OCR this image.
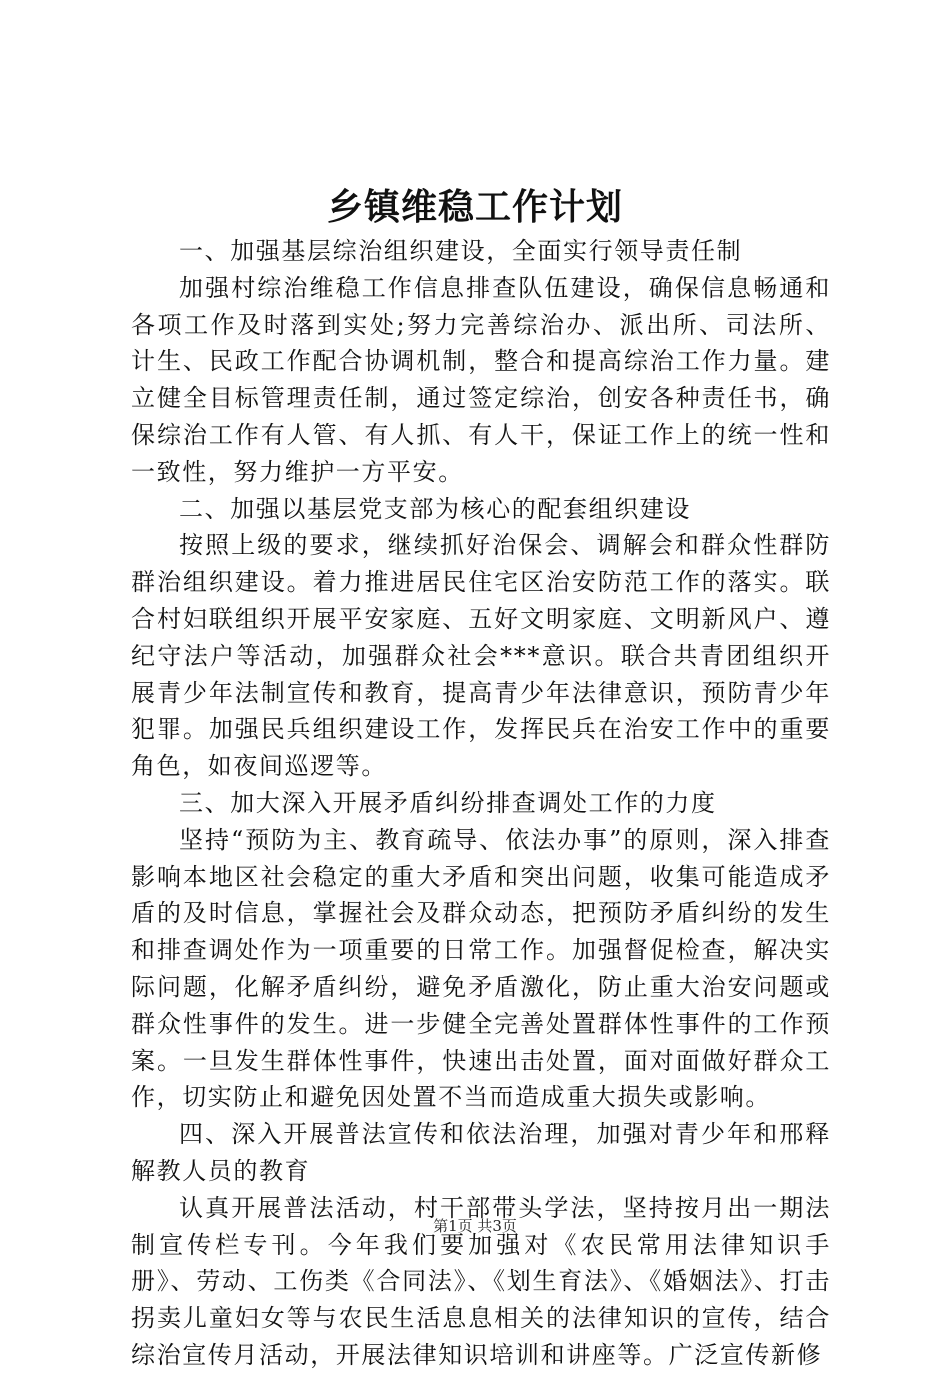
乡镇维稳工作计划

一、加强基层综治组织建设，全面实行领导责任制

加强村综治维稳工作信息排查队伍建设，确保信息畅通和各项工作及时落到实处;努力完善综治办、派出所、司法所、计生、民政工作配合协调机制，整合和提高综治工作力量。建立健全目标管理责任制，通过签定综治，创安各种责任书，确保综治工作有人管、有人抓、有人干，保证工作上的统一性和一致性，努力维护一方平安。

二、加强以基层党支部为核心的配套组织建设

按照上级的要求，继续抓好治保会、调解会和群众性群防群治组织建设。着力推进居民住宅区治安防范工作的落实。联合村妇联组织开展平安家庭、五好文明家庭、文明新风户、遵纪守法户等活动，加强群众社会***意识。联合共青团组织开展青少年法制宣传和教育，提高青少年法律意识，预防青少年犯罪。加强民兵组织建设工作，发挥民兵在治安工作中的重要角色，如夜间巡逻等。

三、加大深入开展矛盾纠纷排查调处工作的力度

坚持“预防为主、教育疏导、依法办事”的原则，深入排查影响本地区社会稳定的重大矛盾和突出问题，收集可能造成矛盾的及时信息，掌握社会及群众动态，把预防矛盾纠纷的发生和排查调处作为一项重要的日常工作。加强督促检查，解决实际问题，化解矛盾纠纷，避免矛盾激化，防止重大治安问题或群众性事件的发生。进一步健全完善处置群体性事件的工作预案。一旦发生群体性事件，快速出击处置，面对面做好群众工作，切实防止和避免因处置不当而造成重大损失或影响。

四、深入开展普法宣传和依法治理，加强对青少年和邢释解教人员的教育

认真开展普法活动，村干部带头学法，坚持按月出一期法制宣传栏专刊。今年我们要加强对《农民常用法律知识手册》、劳动、工伤类《合同法》、《划生育法》、《婚姻法》、打击拐卖儿童妇女等与农民生活息息相关的法律知识的宣传，结合综治宣传月活动，开展法律知识培训和讲座等。广泛宣传新修

第1页 共3页
